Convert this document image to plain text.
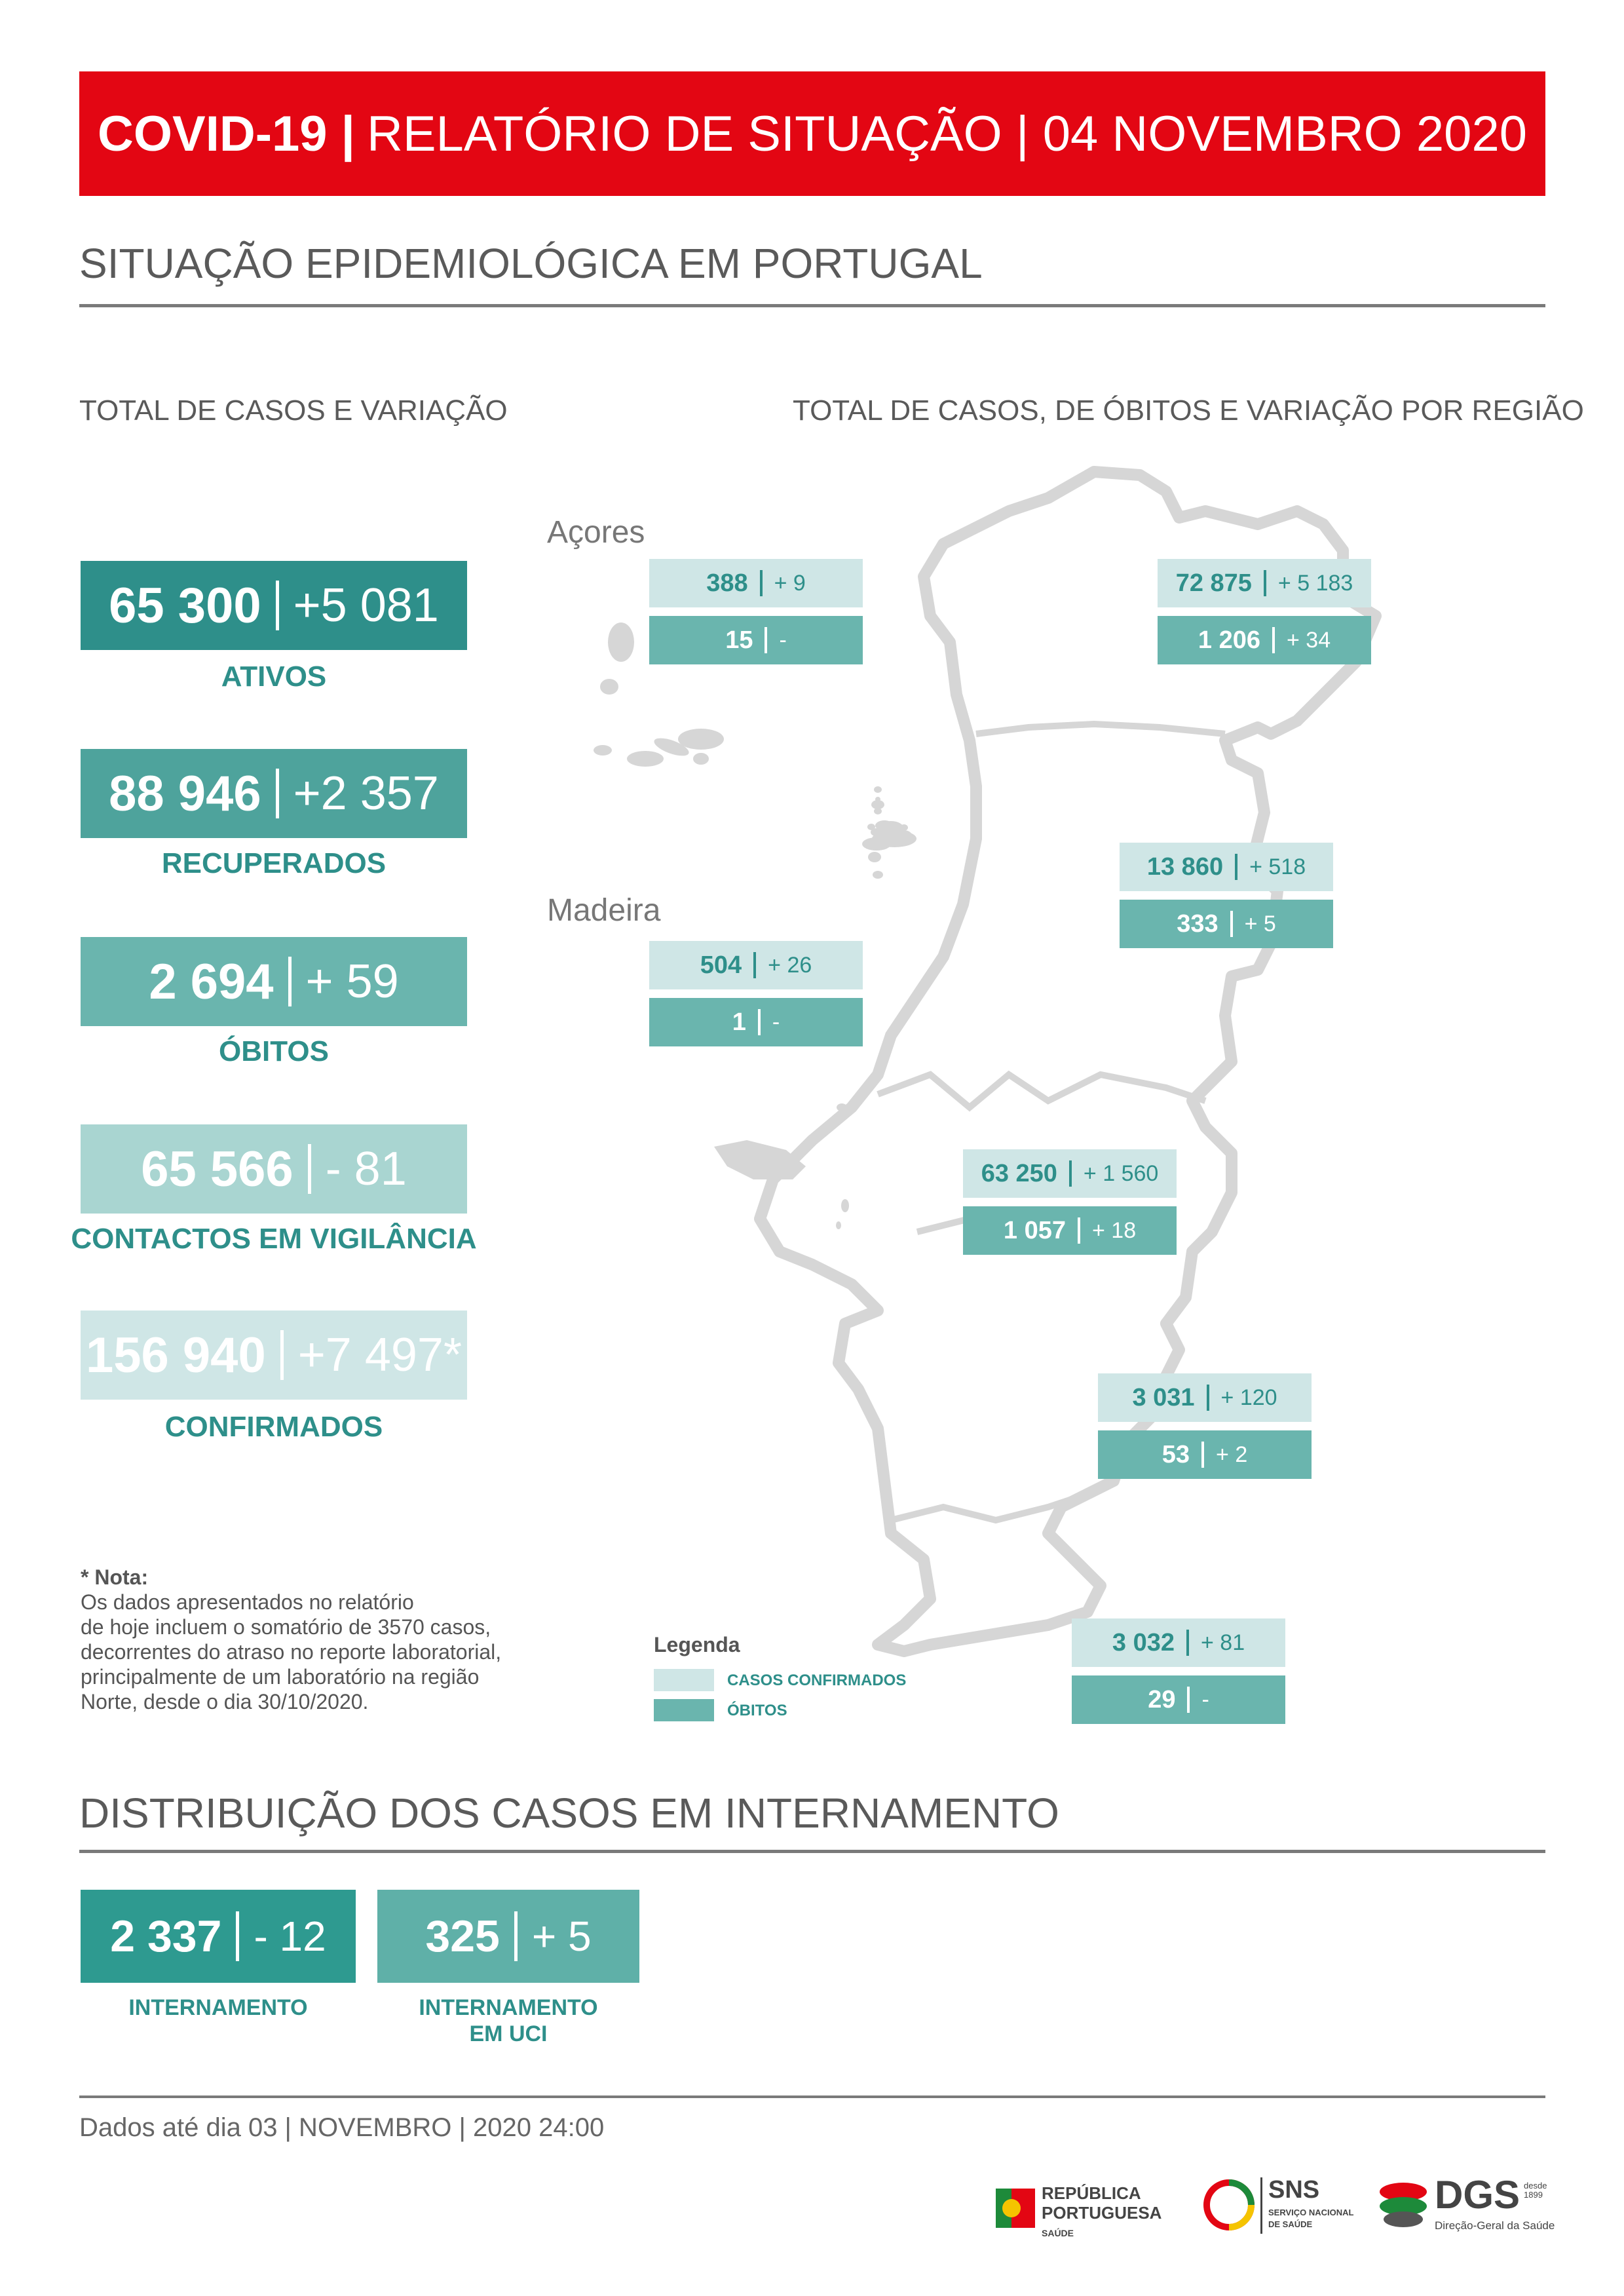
COVID-19 | RELATÓRIO DE SITUAÇÃO | 04 NOVEMBRO 2020
SITUAÇÃO EPIDEMIOLÓGICA EM PORTUGAL
TOTAL DE CASOS E VARIAÇÃO	TOTAL DE CASOS, DE ÓBITOS E VARIAÇÃO POR REGIÃO
65 300 +5 081
ATIVOS
88 946 +2 357
RECUPERADOS
2 694 + 59
ÓBITOS
65 566 - 81
CONTACTOS EM VIGILÂNCIA
156 940 +7 497*
CONFIRMADOS
Açores
Madeira
388 + 9
15 -
504 + 26
1 -
72 875 + 5 183
1 206 + 34
13 860 + 518
333 + 5
63 250 + 1 560
1 057 + 18
3 031 + 120
53 + 2
3 032 + 81
29 -
* Nota:
Os dados apresentados no relatório
de hoje incluem o somatório de 3570 casos,
decorrentes do atraso no reporte laboratorial,
principalmente de um laboratório na região
Norte, desde o dia 30/10/2020.
Legenda
CASOS CONFIRMADOS
ÓBITOS
DISTRIBUIÇÃO DOS CASOS EM INTERNAMENTO
2 337 - 12
INTERNAMENTO
325 + 5
INTERNAMENTO
EM UCI
Dados até dia 03 | NOVEMBRO | 2020 24:00
REPÚBLICA
PORTUGUESA
SAÚDE
SNS
SERVIÇO NACIONAL
DE SAÚDE
DGS desde 1899
Direção-Geral da Saúde
